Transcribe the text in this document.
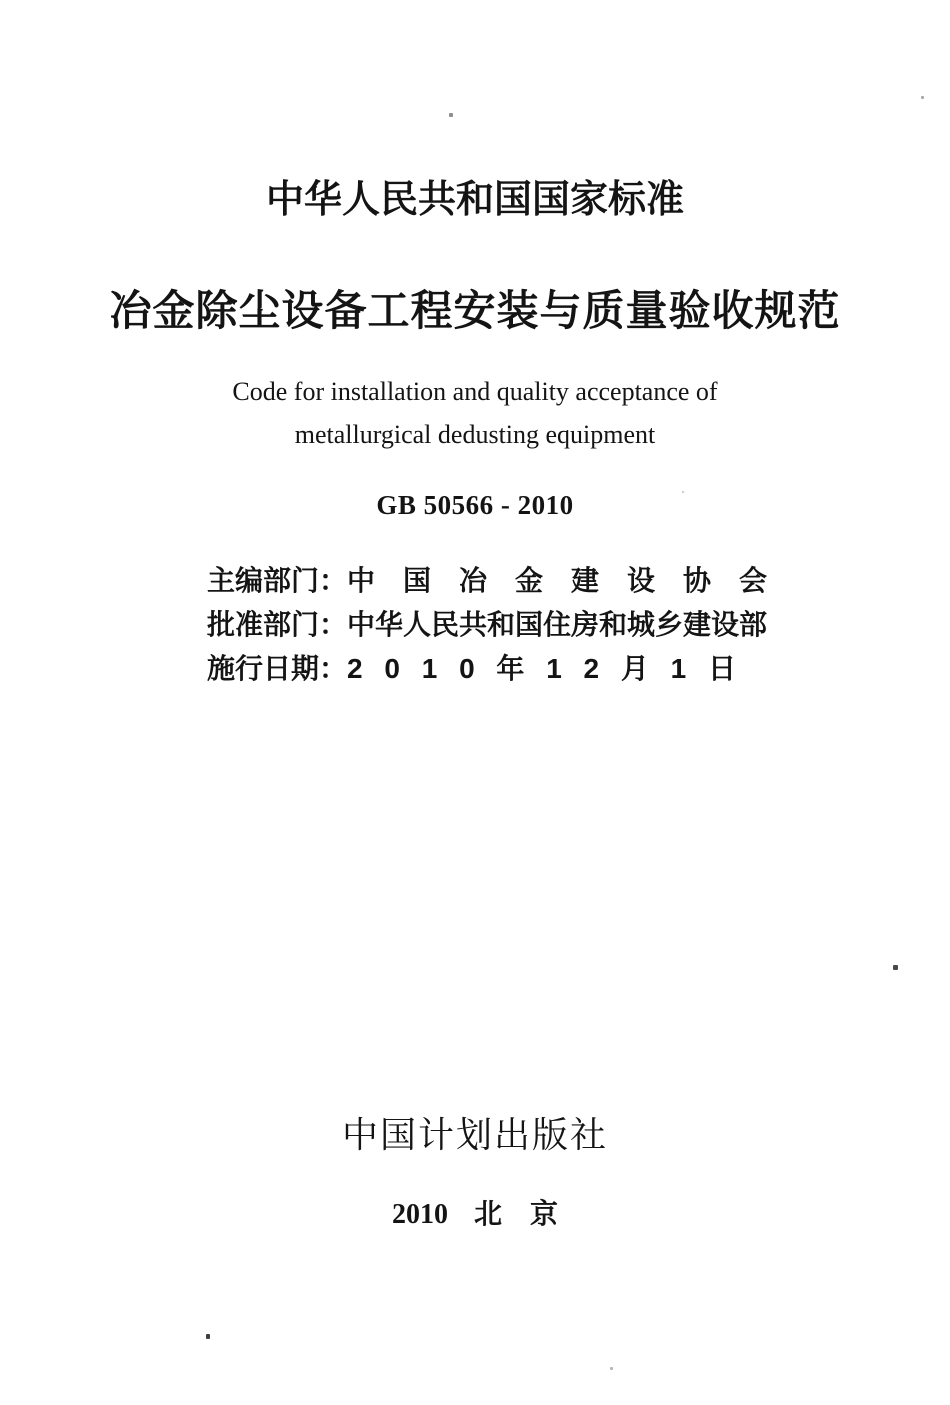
中华人民共和国国家标准
冶金除尘设备工程安装与质量验收规范
Code for installation and quality acceptance of
metallurgical dedusting equipment
GB 50566 - 2010
主编部门：中　国　冶　金　建　设　协　会
批准部门：中华人民共和国住房和城乡建设部
施行日期：2 0 1 0 年 1 2 月 1 日
中国计划出版社
2010 北　京
